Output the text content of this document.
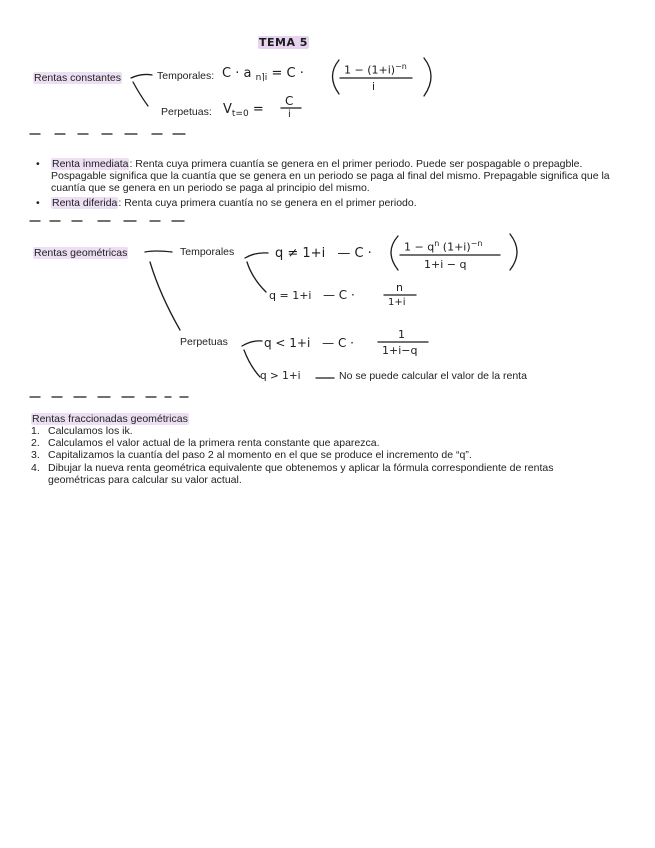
TEMA 5
Rentas constantes	Temporales: C · a $_{n⌉i}$ = C ·	$1 - (1+i)^{-n}$
i
Perpetuas: $V_{t=0}$ =
C
i
• Renta inmediata: Renta cuya primera cuantía se genera en el primer periodo. Puede ser pospagable o prepagble. Pospagable significa que la cuantía que se genera en un periodo se paga al final del mismo. Prepagable significa que la cuantía que se genera en un periodo se paga al principio del mismo.
• Renta diferida: Renta cuya primera cuantía no se genera en el primer periodo.
Rentas geométricas	Temporales	q ≠ 1+i — C ·	$1 - q^n$ $(1+i)^{-n}$
1+i − q
q = 1+i — C ·
n
1+i
Perpetuas	q < 1+i — C ·
1
1+i−q
q > 1+i	No se puede calcular el valor de la renta
Rentas fraccionadas geométricas
1. Calculamos los ik.
2. Calculamos el valor actual de la primera renta constante que aparezca.
3. Capitalizamos la cuantía del paso 2 al momento en el que se produce el incremento de “q”.
4. Dibujar la nueva renta geométrica equivalente que obtenemos y aplicar la fórmula correspondiente de rentas geométricas para calcular su valor actual.
